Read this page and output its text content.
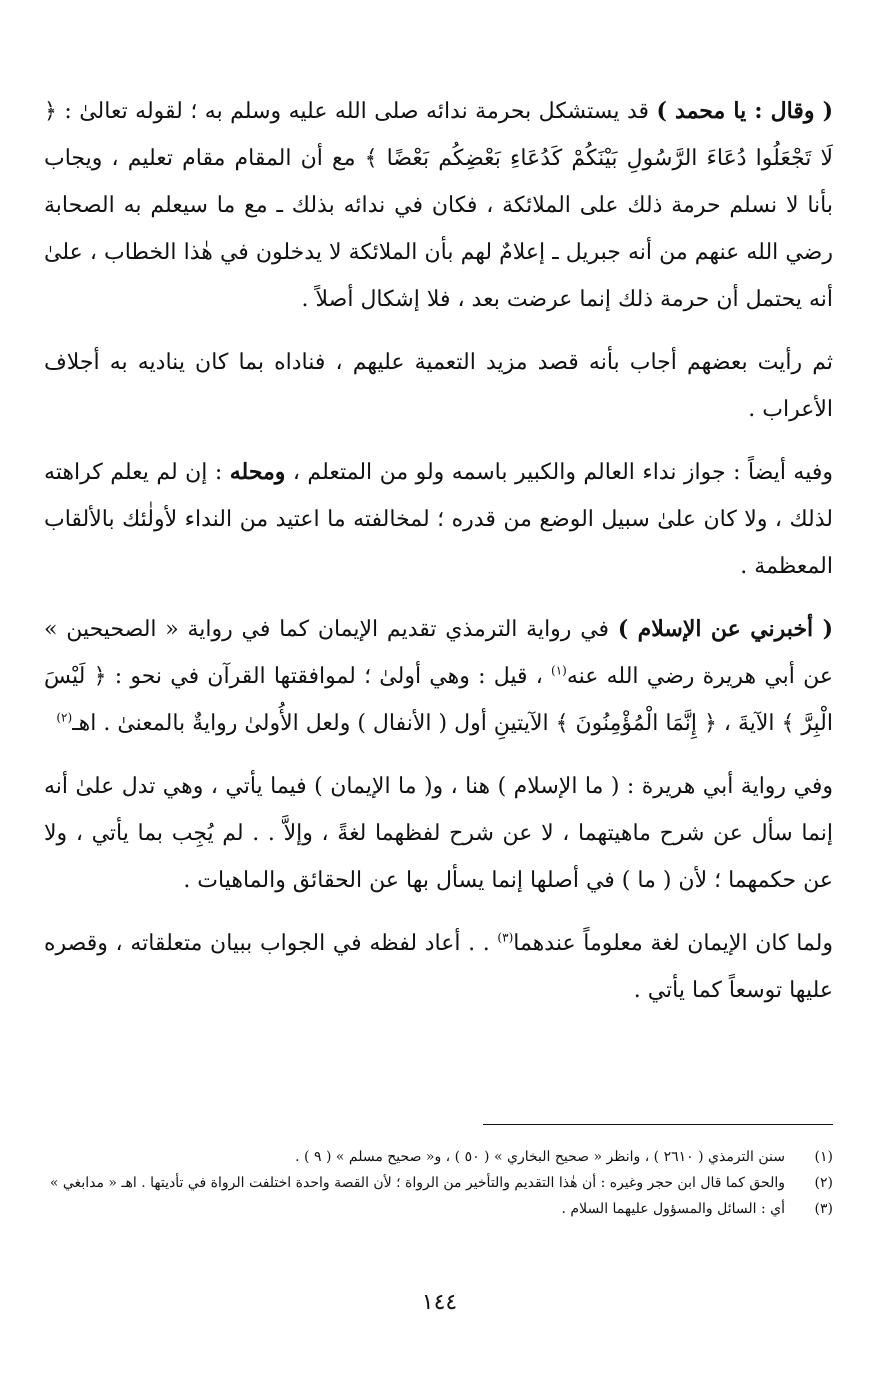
( وقال : يا محمد ) قد يستشكل بحرمة ندائه صلى الله عليه وسلم به ؛ لقوله تعالىٰ : ﴿ لَا تَجْعَلُوا دُعَاءَ الرَّسُولِ بَيْنَكُمْ كَدُعَاءِ بَعْضِكُم بَعْضًا ﴾ مع أن المقام مقام تعليم ، ويجاب بأنا لا نسلم حرمة ذلك على الملائكة ، فكان في ندائه بذلك ـ مع ما سيعلم به الصحابة رضي الله عنهم من أنه جبريل ـ إعلامٌ لهم بأن الملائكة لا يدخلون في هٰذا الخطاب ، علىٰ أنه يحتمل أن حرمة ذلك إنما عرضت بعد ، فلا إشكال أصلاً .

ثم رأيت بعضهم أجاب بأنه قصد مزيد التعمية عليهم ، فناداه بما كان يناديه به أجلاف الأعراب .

وفيه أيضاً : جواز نداء العالم والكبير باسمه ولو من المتعلم ، ومحله : إن لم يعلم كراهته لذلك ، ولا كان علىٰ سبيل الوضع من قدره ؛ لمخالفته ما اعتيد من النداء لأولٰئك بالألقاب المعظمة .

( أخبرني عن الإسلام ) في رواية الترمذي تقديم الإيمان كما في رواية « الصحيحين » عن أبي هريرة رضي الله عنه$^{(١)}$ ، قيل : وهي أولىٰ ؛ لموافقتها القرآن في نحو : ﴿ لَيْسَ الْبِرَّ ﴾ الآيةَ ، ﴿ إِنَّمَا الْمُؤْمِنُونَ ﴾ الآيتينِ أول ( الأنفال ) ولعل الأُولىٰ روايةٌ بالمعنىٰ . اهـ$^{(٢)}$

وفي رواية أبي هريرة : ( ما الإسلام ) هنا ، و( ما الإيمان ) فيما يأتي ، وهي تدل علىٰ أنه إنما سأل عن شرح ماهيتهما ، لا عن شرح لفظهما لغةً ، وإلاَّ . . لم يُجِب بما يأتي ، ولا عن حكمهما ؛ لأن ( ما ) في أصلها إنما يسأل بها عن الحقائق والماهيات .

ولما كان الإيمان لغة معلوماً عندهما$^{(٣)}$ . . أعاد لفظه في الجواب ببيان متعلقاته ، وقصره عليها توسعاً كما يأتي .

(١)
سنن الترمذي ( ٢٦١٠ ) ، وانظر « صحيح البخاري » ( ٥٠ ) ، و« صحيح مسلم » ( ٩ ) .

(٢)
والحق كما قال ابن حجر وغيره : أن هٰذا التقديم والتأخير من الرواة ؛ لأن القصة واحدة اختلفت الرواة في تأديتها . اهـ « مدابغي »

(٣)
أي : السائل والمسؤول عليهما السلام .

١٤٤
